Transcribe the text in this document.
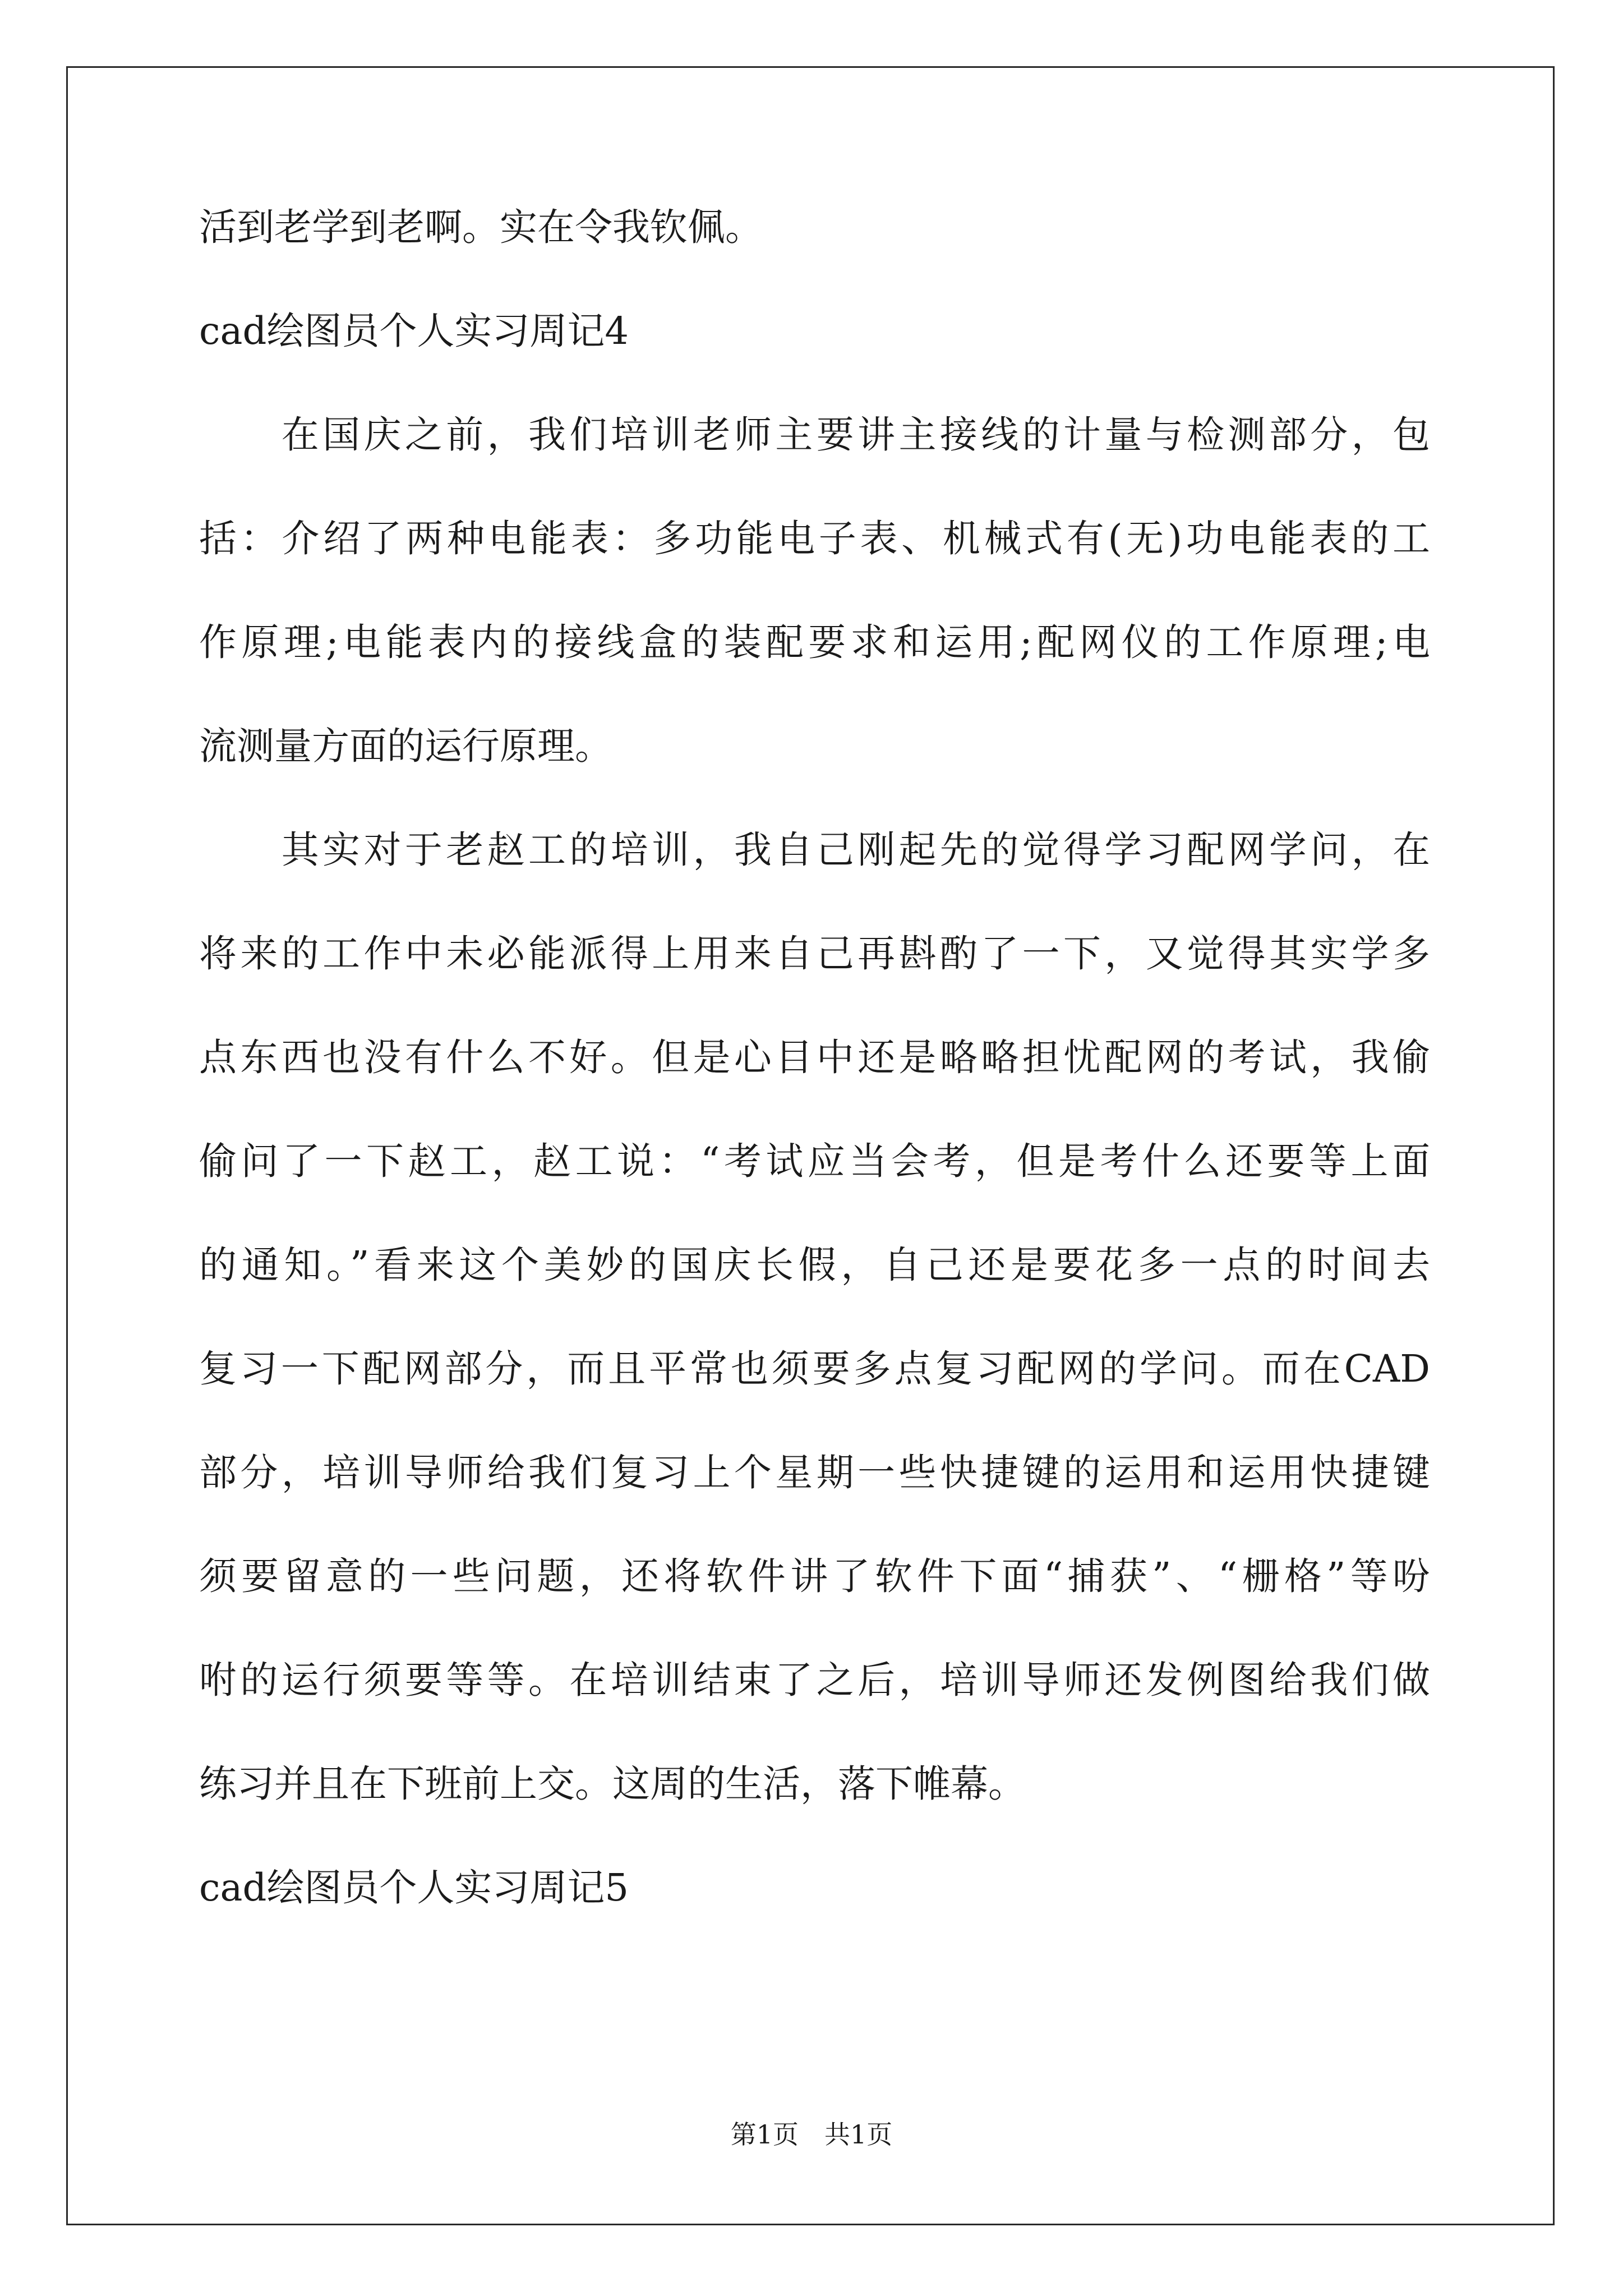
活到老学到老啊。实在令我钦佩。
cad绘图员个人实习周记4
　　在国庆之前，我们培训老师主要讲主接线的计量与检测部分，包
括：介绍了两种电能表：多功能电子表、机械式有(无)功电能表的工
作原理;电能表内的接线盒的装配要求和运用;配网仪的工作原理;电
流测量方面的运行原理。
　　其实对于老赵工的培训，我自己刚起先的觉得学习配网学问，在
将来的工作中未必能派得上用来自己再斟酌了一下，又觉得其实学多
点东西也没有什么不好。但是心目中还是略略担忧配网的考试，我偷
偷问了一下赵工，赵工说：“考试应当会考，但是考什么还要等上面
的通知。”看来这个美妙的国庆长假，自己还是要花多一点的时间去
复习一下配网部分，而且平常也须要多点复习配网的学问。而在CAD
部分，培训导师给我们复习上个星期一些快捷键的运用和运用快捷键
须要留意的一些问题，还将软件讲了软件下面“捕获”、“栅格”等吩
咐的运行须要等等。在培训结束了之后，培训导师还发例图给我们做
练习并且在下班前上交。这周的生活，落下帷幕。
cad绘图员个人实习周记5
第1页　共1页
